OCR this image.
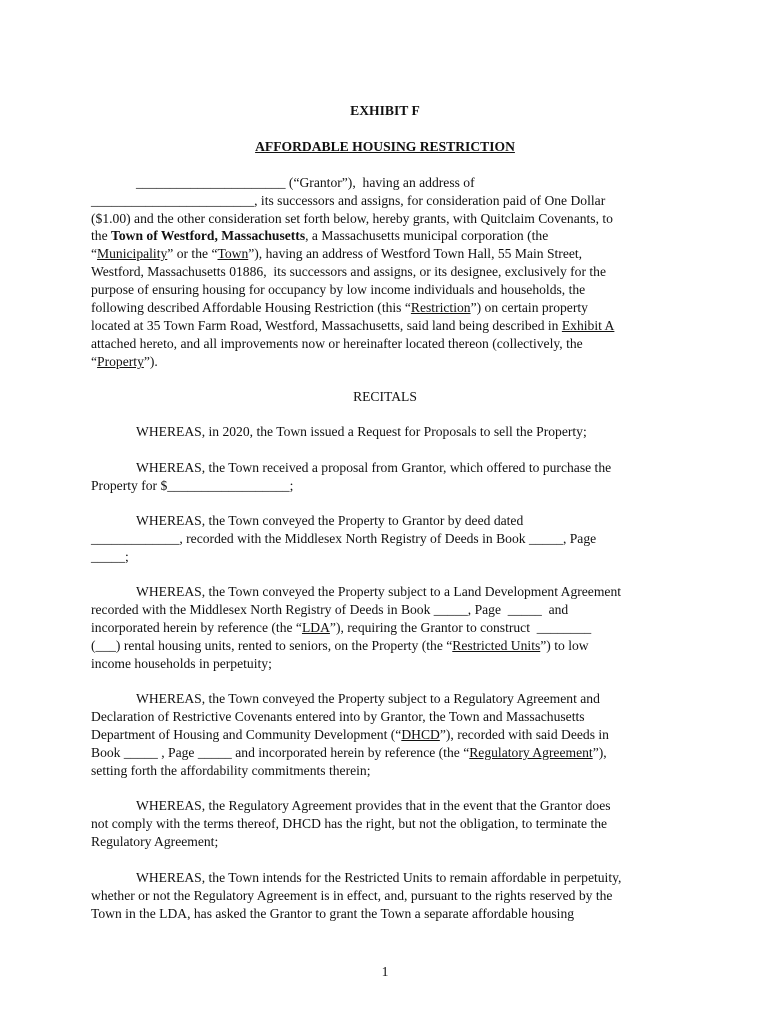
EXHIBIT F
AFFORDABLE HOUSING RESTRICTION
______________________ (“Grantor”),  having an address of
________________________, its successors and assigns, for consideration paid of One Dollar
($1.00) and the other consideration set forth below, hereby grants, with Quitclaim Covenants, to
the Town of Westford, Massachusetts, a Massachusetts municipal corporation (the
“Municipality” or the “Town”), having an address of Westford Town Hall, 55 Main Street,
Westford, Massachusetts 01886,  its successors and assigns, or its designee, exclusively for the
purpose of ensuring housing for occupancy by low income individuals and households, the
following described Affordable Housing Restriction (this “Restriction”) on certain property
located at 35 Town Farm Road, Westford, Massachusetts, said land being described in Exhibit A
attached hereto, and all improvements now or hereinafter located thereon (collectively, the
“Property”).
RECITALS
WHEREAS, in 2020, the Town issued a Request for Proposals to sell the Property;
WHEREAS, the Town received a proposal from Grantor, which offered to purchase the
Property for $__________________;
WHEREAS, the Town conveyed the Property to Grantor by deed dated
_____________, recorded with the Middlesex North Registry of Deeds in Book _____, Page
_____;
WHEREAS, the Town conveyed the Property subject to a Land Development Agreement
recorded with the Middlesex North Registry of Deeds in Book _____, Page  _____  and
incorporated herein by reference (the “LDA”), requiring the Grantor to construct  ________
(___) rental housing units, rented to seniors, on the Property (the “Restricted Units”) to low
income households in perpetuity;
WHEREAS, the Town conveyed the Property subject to a Regulatory Agreement and
Declaration of Restrictive Covenants entered into by Grantor, the Town and Massachusetts
Department of Housing and Community Development (“DHCD”), recorded with said Deeds in
Book _____ , Page _____ and incorporated herein by reference (the “Regulatory Agreement”),
setting forth the affordability commitments therein;
WHEREAS, the Regulatory Agreement provides that in the event that the Grantor does
not comply with the terms thereof, DHCD has the right, but not the obligation, to terminate the
Regulatory Agreement;
WHEREAS, the Town intends for the Restricted Units to remain affordable in perpetuity,
whether or not the Regulatory Agreement is in effect, and, pursuant to the rights reserved by the
Town in the LDA, has asked the Grantor to grant the Town a separate affordable housing
1
